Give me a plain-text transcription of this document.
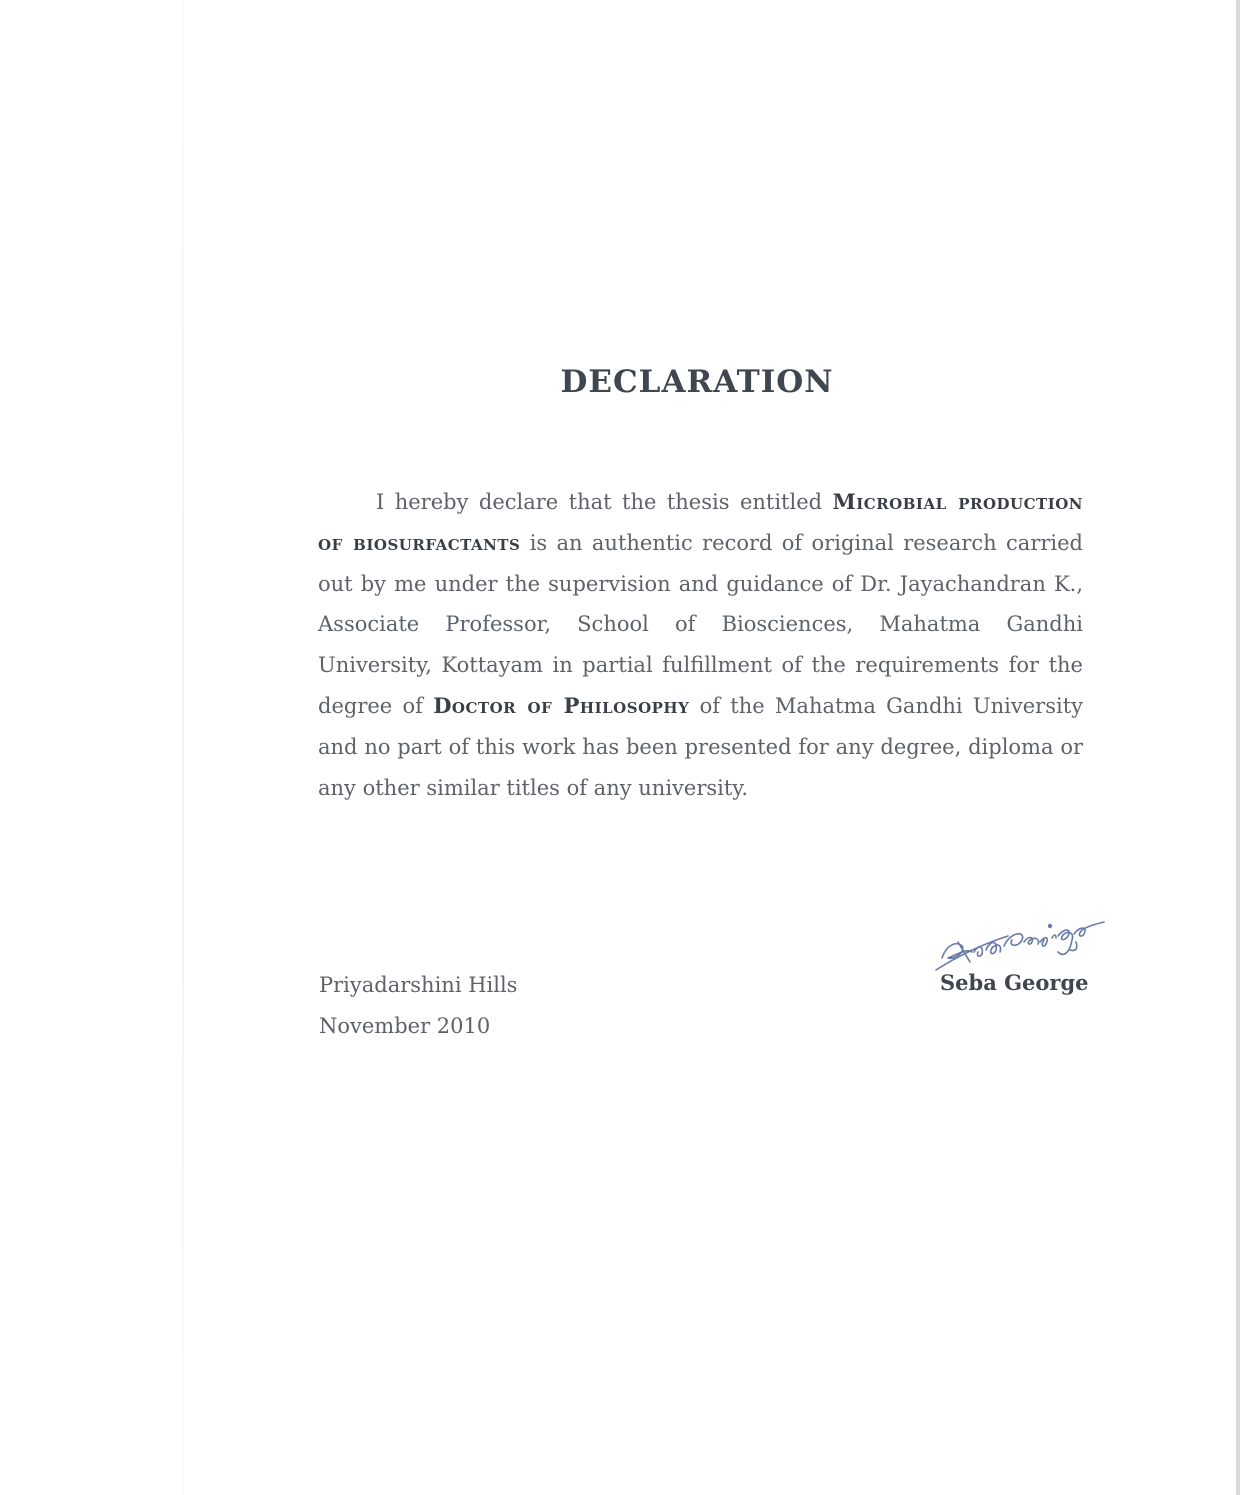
DECLARATION
I hereby declare that the thesis entitled Microbial production of biosurfactants is an authentic record of original research carried out by me under the supervision and guidance of Dr. Jayachandran K., Associate Professor, School of Biosciences, Mahatma Gandhi University, Kottayam in partial fulfillment of the requirements for the degree of Doctor of Philosophy of the Mahatma Gandhi University and no part of this work has been presented for any degree, diploma or any other similar titles of any university.
Priyadarshini Hills
November 2010
Seba George
